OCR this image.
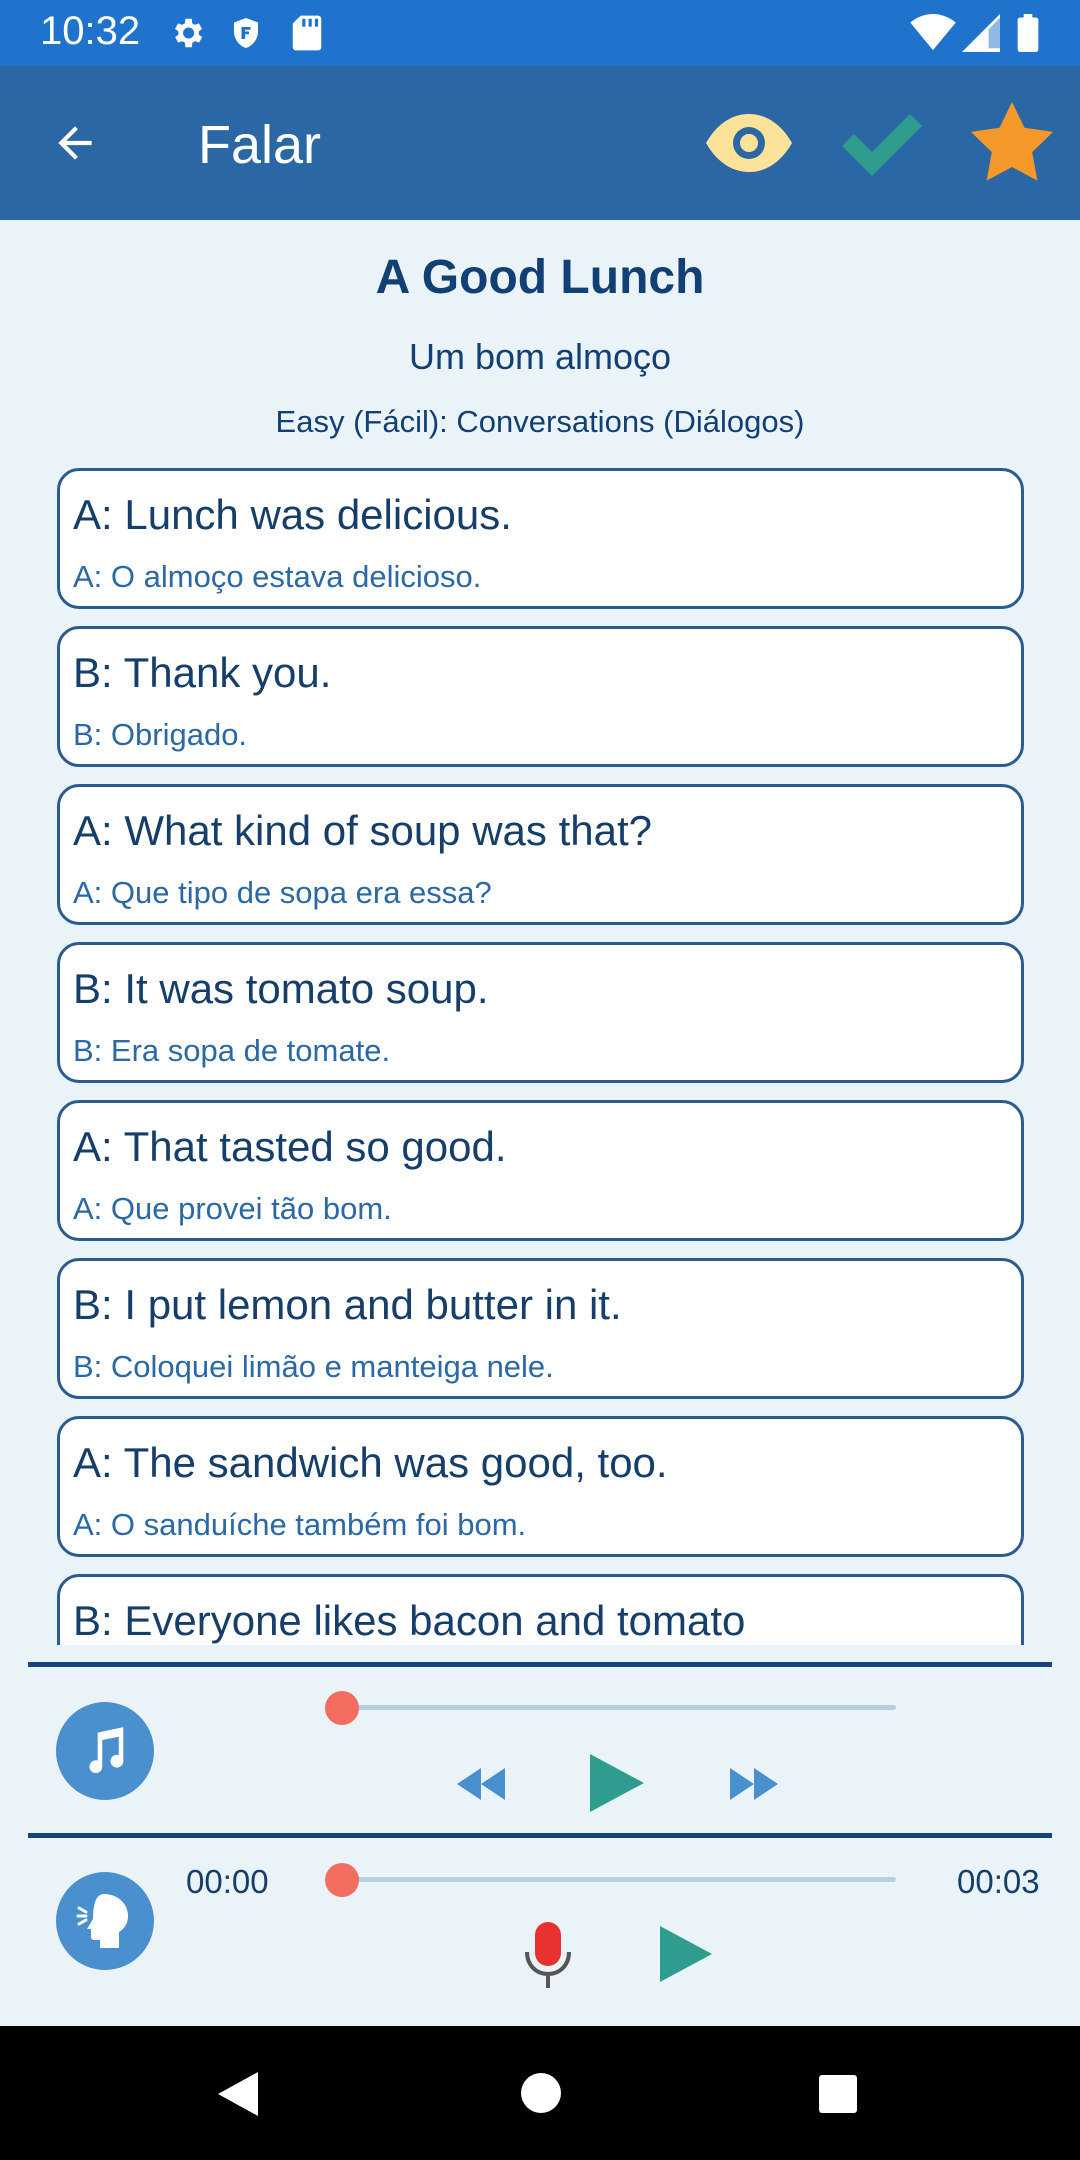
10:32
Falar
A Good Lunch
Um bom almoço
Easy (Fácil): Conversations (Diálogos)
A: Lunch was delicious.
A: O almoço estava delicioso.
B: Thank you.
B: Obrigado.
A: What kind of soup was that?
A: Que tipo de sopa era essa?
B: It was tomato soup.
B: Era sopa de tomate.
A: That tasted so good.
A: Que provei tão bom.
B: I put lemon and butter in it.
B: Coloquei limão e manteiga nele.
A: The sandwich was good, too.
A: O sanduíche também foi bom.
B: Everyone likes bacon and tomato
00:00	00:03
